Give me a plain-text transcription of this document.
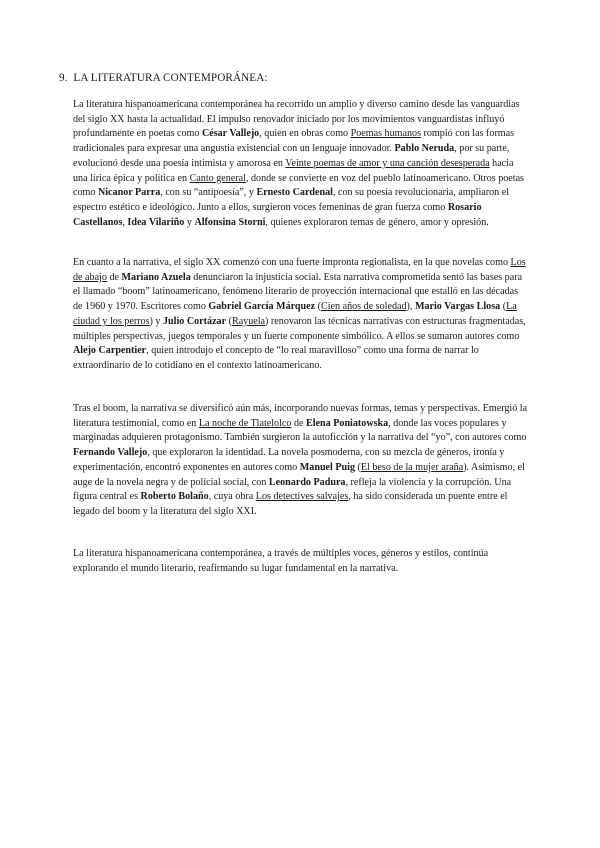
9. LA LITERATURA CONTEMPORÁNEA:

La literatura hispanoamericana contemporánea ha recorrido un amplio y diverso camino desde las vanguardias del siglo XX hasta la actualidad. El impulso renovador iniciado por los movimientos vanguardistas influyó profundamente en poetas como César Vallejo, quien en obras como Poemas humanos rompió con las formas tradicionales para expresar una angustia existencial con un lenguaje innovador. Pablo Neruda, por su parte, evolucionó desde una poesía intimista y amorosa en Veinte poemas de amor y una canción desesperada hacia una lírica épica y política en Canto general, donde se convierte en voz del pueblo latinoamericano. Otros poetas como Nicanor Parra, con su “antipoesía”, y Ernesto Cardenal, con su poesía revolucionaria, ampliaron el espectro estético e ideológico. Junto a ellos, surgieron voces femeninas de gran fuerza como Rosario Castellanos, Idea Vilariño y Alfonsina Storni, quienes exploraron temas de género, amor y opresión.

En cuanto a la narrativa, el siglo XX comenzó con una fuerte impronta regionalista, en la que novelas como Los de abajo de Mariano Azuela denunciaron la injusticia social. Esta narrativa comprometida sentó las bases para el llamado “boom” latinoamericano, fenómeno literario de proyección internacional que estalló en las décadas de 1960 y 1970. Escritores como Gabriel García Márquez (Cien años de soledad), Mario Vargas Llosa (La ciudad y los perros) y Julio Cortázar (Rayuela) renovaron las técnicas narrativas con estructuras fragmentadas, múltiples perspectivas, juegos temporales y un fuerte componente simbólico. A ellos se sumaron autores como Alejo Carpentier, quien introdujo el concepto de “lo real maravilloso” como una forma de narrar lo extraordinario de lo cotidiano en el contexto latinoamericano.

Tras el boom, la narrativa se diversificó aún más, incorporando nuevas formas, temas y perspectivas. Emergió la literatura testimonial, como en La noche de Tlatelolco de Elena Poniatowska, donde las voces populares y marginadas adquieren protagonismo. También surgieron la autoficción y la narrativa del “yo”, con autores como Fernando Vallejo, que exploraron la identidad. La novela posmoderna, con su mezcla de géneros, ironía y experimentación, encontró exponentes en autores como Manuel Puig (El beso de la mujer araña). Asimismo, el auge de la novela negra y de policial social, con Leonardo Padura, refleja la violencia y la corrupción. Una figura central es Roberto Bolaño, cuya obra Los detectives salvajes, ha sido considerada un puente entre el legado del boom y la literatura del siglo XXI.

La literatura hispanoamericana contemporánea, a través de múltiples voces, géneros y estilos, continúa explorando el mundo literario, reafirmando su lugar fundamental en la narrativa.
